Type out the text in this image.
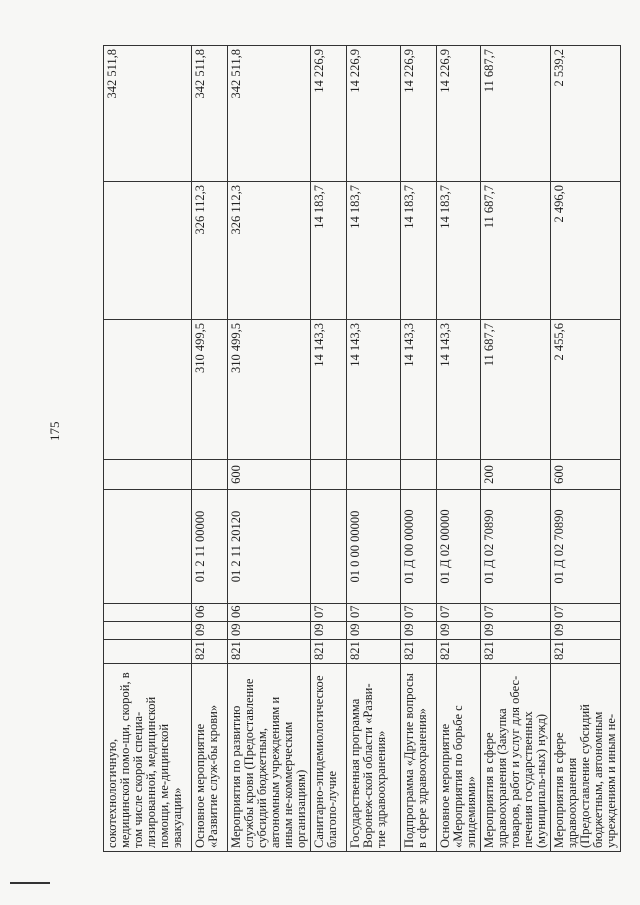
175
сокотехнологичную, медицинской помо-щи, скорой, в том числе скорой специа-лизированной, медицинской помощи, ме-дицинской эвакуации»								342 511,8
Основное мероприятие «Развитие служ-бы крови»	821	09	06	01 2 11 00000		310 499,5	326 112,3	342 511,8
Мероприятия по развитию службы крови (Предоставление субсидий бюджетным, автономным учреждениям и иным не-коммерческим организациям)	821	09	06	01 2 11 20120	600	310 499,5	326 112,3	342 511,8
Санитарно-эпидемиологическое благопо-лучие	821	09	07			14 143,3	14 183,7	14 226,9
Государственная программа Воронеж-ской области «Разви-тие здравоохранения»	821	09	07	01 0 00 00000		14 143,3	14 183,7	14 226,9
Подпрограмма «Другие вопросы в сфере здравоохранения»	821	09	07	01 Д 00 00000		14 143,3	14 183,7	14 226,9
Основное мероприятие «Мероприятия по борьбе с эпидемиями»	821	09	07	01 Д 02 00000		14 143,3	14 183,7	14 226,9
Мероприятия в сфере здравоохранения (Закупка товаров, работ и услуг для обес-печения государственных (муниципаль-ных) нужд)	821	09	07	01 Д 02 70890	200	11 687,7	11 687,7	11 687,7
Мероприятия в сфере здравоохранения (Предоставление субсидий бюджетным, автономным учреждениям и иным не-	821	09	07	01 Д 02 70890	600	2 455,6	2 496,0	2 539,2
